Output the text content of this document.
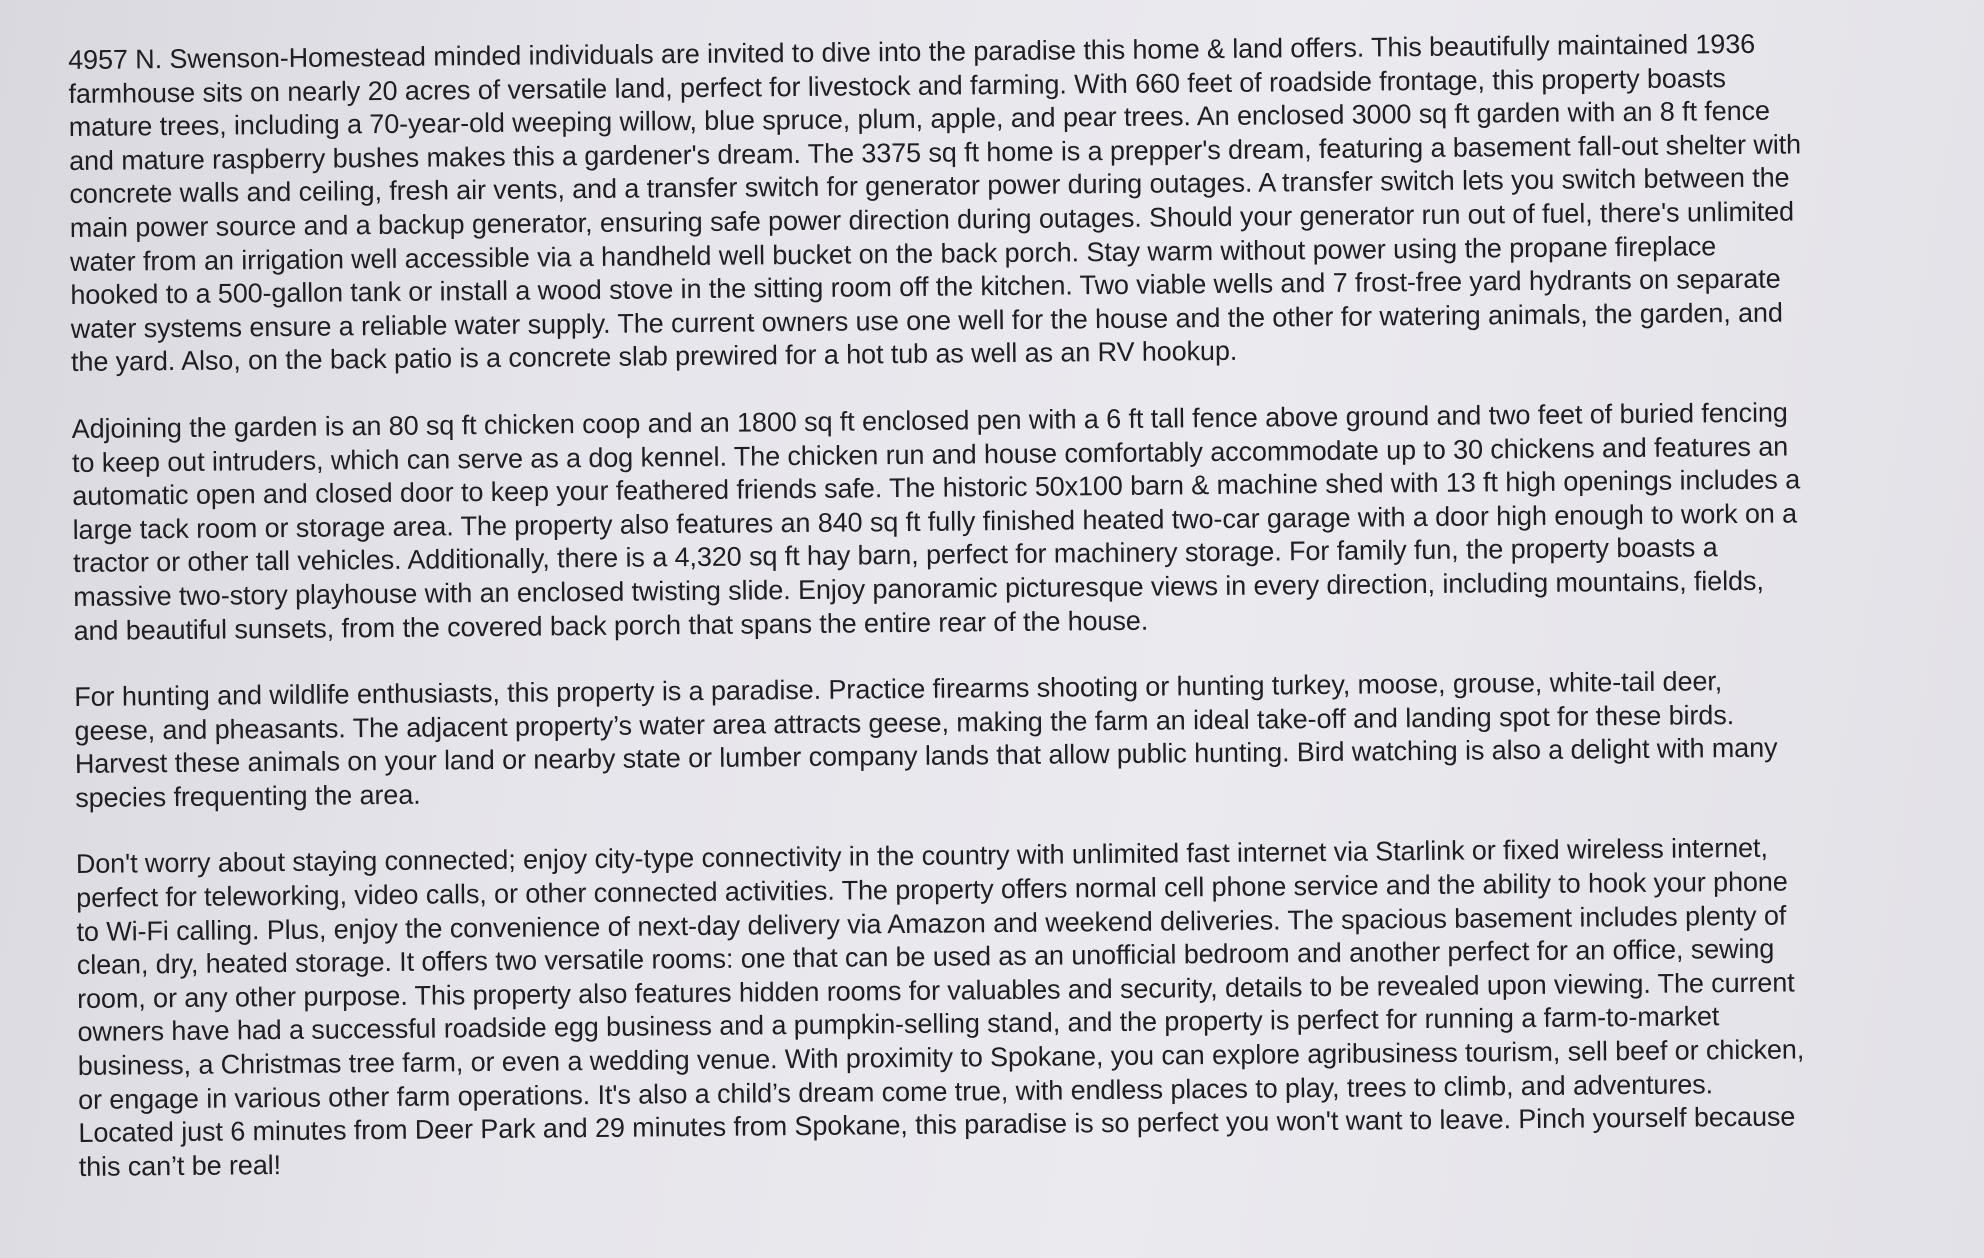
4957 N. Swenson-Homestead minded individuals are invited to dive into the paradise this home & land offers. This beautifully maintained 1936
farmhouse sits on nearly 20 acres of versatile land, perfect for livestock and farming. With 660 feet of roadside frontage, this property boasts
mature trees, including a 70-year-old weeping willow, blue spruce, plum, apple, and pear trees. An enclosed 3000 sq ft garden with an 8 ft fence
and mature raspberry bushes makes this a gardener's dream. The 3375 sq ft home is a prepper's dream, featuring a basement fall-out shelter with
concrete walls and ceiling, fresh air vents, and a transfer switch for generator power during outages. A transfer switch lets you switch between the
main power source and a backup generator, ensuring safe power direction during outages. Should your generator run out of fuel, there's unlimited
water from an irrigation well accessible via a handheld well bucket on the back porch. Stay warm without power using the propane fireplace
hooked to a 500-gallon tank or install a wood stove in the sitting room off the kitchen. Two viable wells and 7 frost-free yard hydrants on separate
water systems ensure a reliable water supply. The current owners use one well for the house and the other for watering animals, the garden, and
the yard. Also, on the back patio is a concrete slab prewired for a hot tub as well as an RV hookup.

Adjoining the garden is an 80 sq ft chicken coop and an 1800 sq ft enclosed pen with a 6 ft tall fence above ground and two feet of buried fencing
to keep out intruders, which can serve as a dog kennel. The chicken run and house comfortably accommodate up to 30 chickens and features an
automatic open and closed door to keep your feathered friends safe. The historic 50x100 barn & machine shed with 13 ft high openings includes a
large tack room or storage area. The property also features an 840 sq ft fully finished heated two-car garage with a door high enough to work on a
tractor or other tall vehicles. Additionally, there is a 4,320 sq ft hay barn, perfect for machinery storage. For family fun, the property boasts a
massive two-story playhouse with an enclosed twisting slide. Enjoy panoramic picturesque views in every direction, including mountains, fields,
and beautiful sunsets, from the covered back porch that spans the entire rear of the house.

For hunting and wildlife enthusiasts, this property is a paradise. Practice firearms shooting or hunting turkey, moose, grouse, white-tail deer,
geese, and pheasants. The adjacent property’s water area attracts geese, making the farm an ideal take-off and landing spot for these birds.
Harvest these animals on your land or nearby state or lumber company lands that allow public hunting. Bird watching is also a delight with many
species frequenting the area.

Don't worry about staying connected; enjoy city-type connectivity in the country with unlimited fast internet via Starlink or fixed wireless internet,
perfect for teleworking, video calls, or other connected activities. The property offers normal cell phone service and the ability to hook your phone
to Wi-Fi calling. Plus, enjoy the convenience of next-day delivery via Amazon and weekend deliveries. The spacious basement includes plenty of
clean, dry, heated storage. It offers two versatile rooms: one that can be used as an unofficial bedroom and another perfect for an office, sewing
room, or any other purpose. This property also features hidden rooms for valuables and security, details to be revealed upon viewing. The current
owners have had a successful roadside egg business and a pumpkin-selling stand, and the property is perfect for running a farm-to-market
business, a Christmas tree farm, or even a wedding venue. With proximity to Spokane, you can explore agribusiness tourism, sell beef or chicken,
or engage in various other farm operations. It's also a child’s dream come true, with endless places to play, trees to climb, and adventures.
Located just 6 minutes from Deer Park and 29 minutes from Spokane, this paradise is so perfect you won't want to leave. Pinch yourself because
this can’t be real!
